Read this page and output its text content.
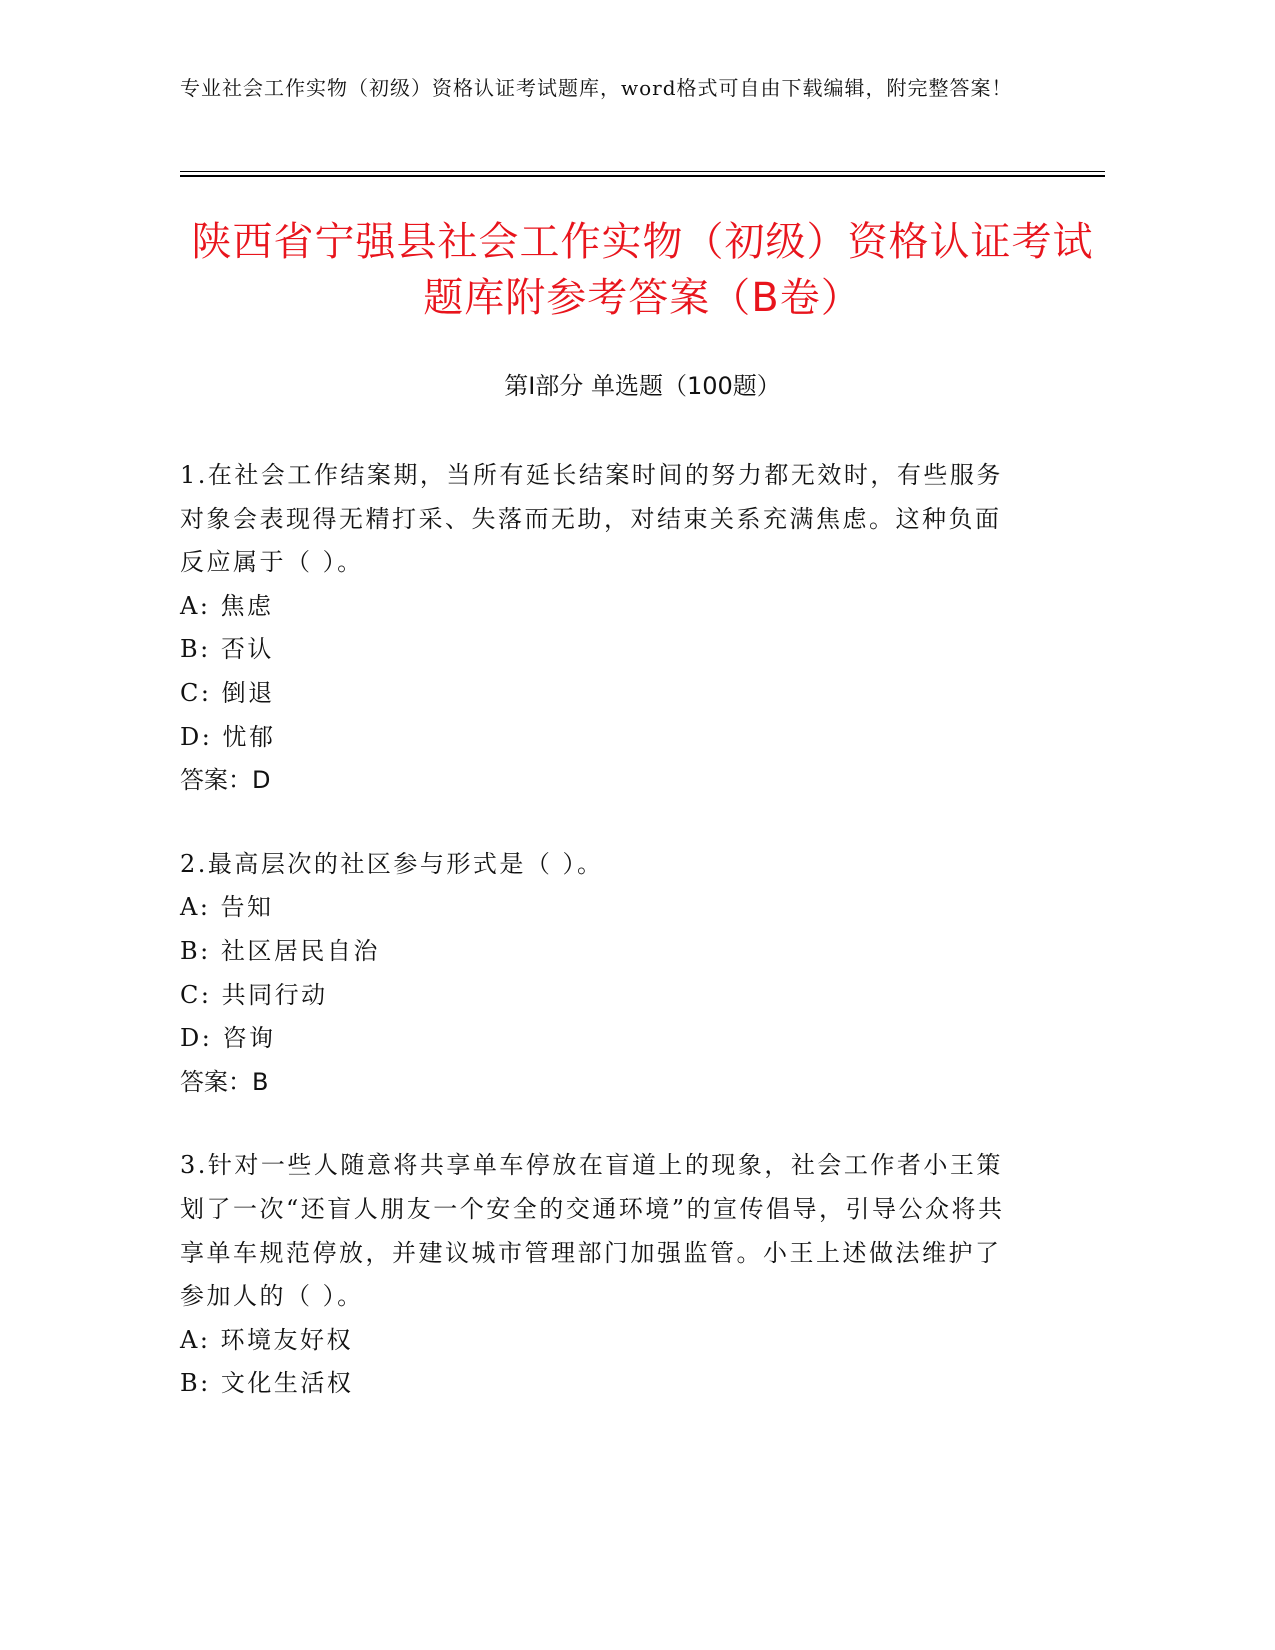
专业社会工作实物（初级）资格认证考试题库，word格式可自由下载编辑，附完整答案！
陕西省宁强县社会工作实物（初级）资格认证考试题库附参考答案（B卷）
第I部分 单选题（100题）
1.在社会工作结案期，当所有延长结案时间的努力都无效时，有些服务对象会表现得无精打采、失落而无助，对结束关系充满焦虑。这种负面反应属于（ ）。
A: 焦虑
B: 否认
C: 倒退
D: 忧郁
答案：D
2.最高层次的社区参与形式是（ ）。
A: 告知
B: 社区居民自治
C: 共同行动
D: 咨询
答案：B
3.针对一些人随意将共享单车停放在盲道上的现象，社会工作者小王策划了一次“还盲人朋友一个安全的交通环境”的宣传倡导，引导公众将共享单车规范停放，并建议城市管理部门加强监管。小王上述做法维护了参加人的（ ）。
A: 环境友好权
B: 文化生活权
